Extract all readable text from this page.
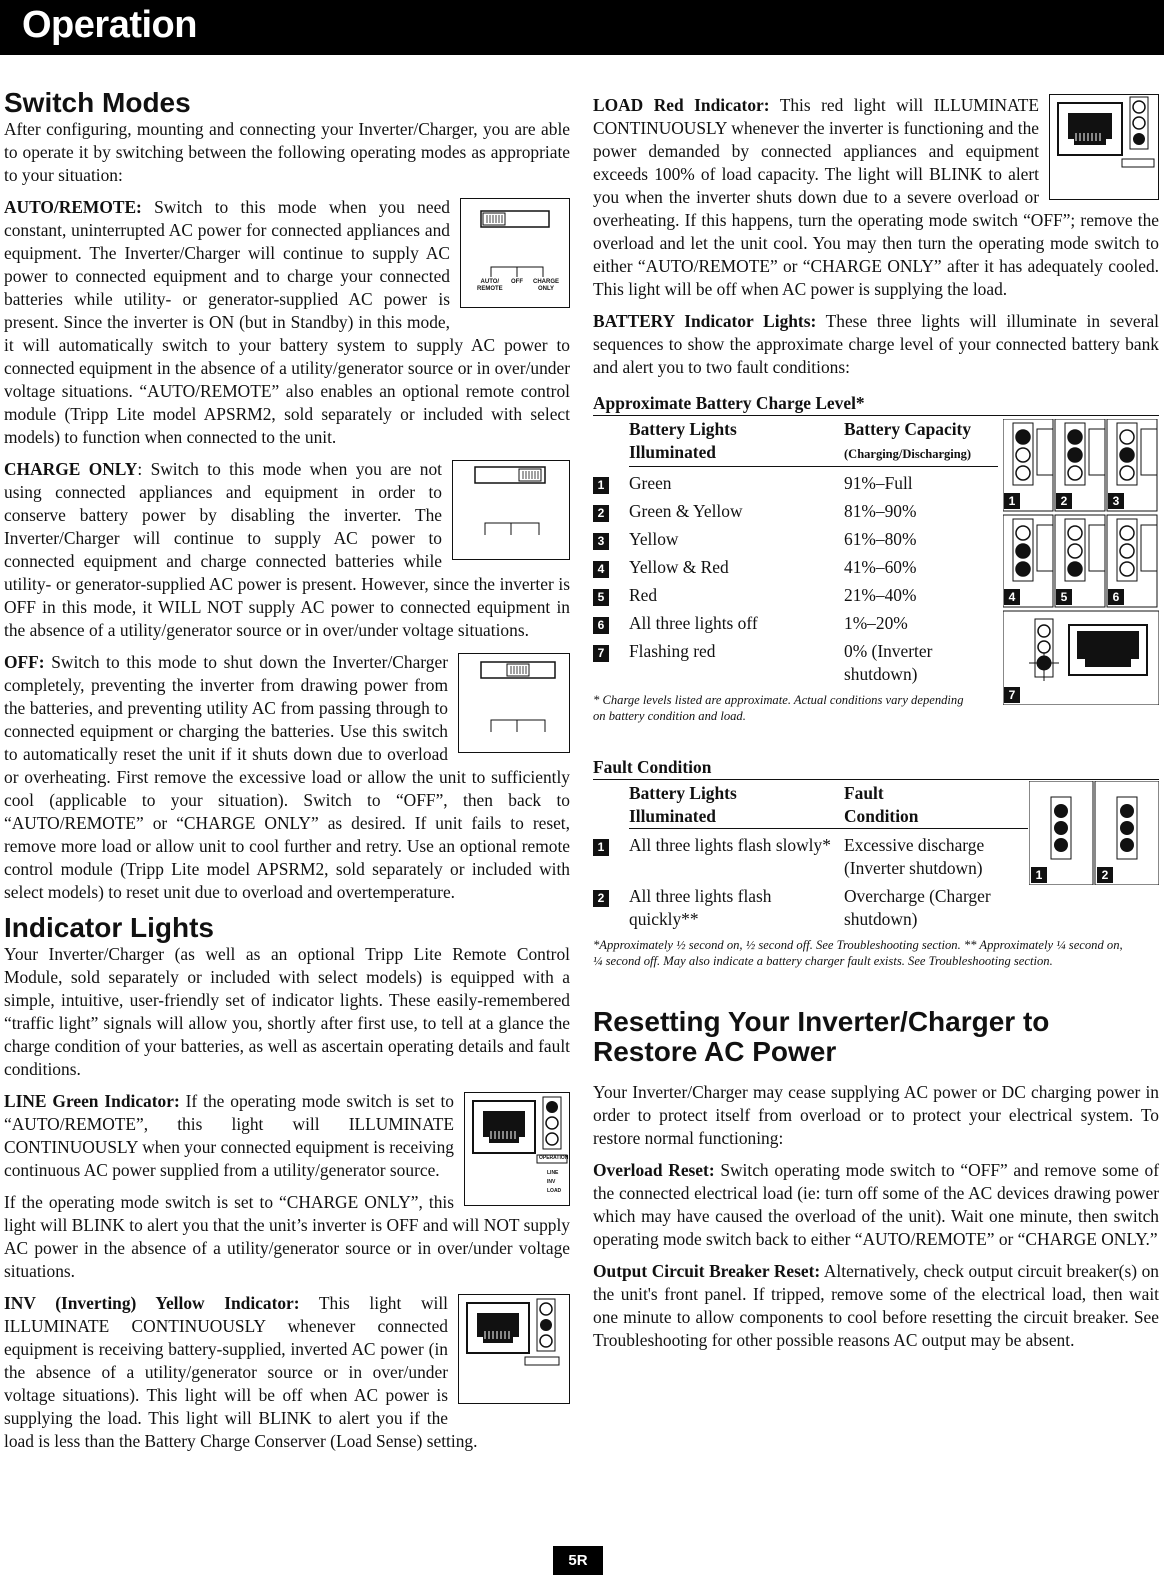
Operation
Switch Modes

After configuring, mounting and connecting your Inverter/Charger, you are able to operate it by switching between the following operating modes as appropriate to your situation:

AUTO/
REMOTE
OFF CHARGE
ONLY

AUTO/REMOTE: Switch to this mode when you need constant, uninterrupted AC power for connected appliances and equipment. The Inverter/Charger will continue to supply AC power to connected equipment and to charge your connected batteries while utility- or generator-supplied AC power is present. Since the inverter is ON (but in Standby) in this mode, it will automatically switch to your battery system to supply AC power to connected equipment in the absence of a utility/generator source or in over/under voltage situations. “AUTO/REMOTE” also enables an optional remote control module (Tripp Lite model APSRM2, sold separately or included with select models) to function when connected to the unit.

CHARGE ONLY: Switch to this mode when you are not using connected appliances and equipment in order to conserve battery power by disabling the inverter. The Inverter/Charger will continue to supply AC power to connected equipment and charge connected batteries while utility- or generator-supplied AC power is present. However, since the inverter is OFF in this mode, it WILL NOT supply AC power to connected equipment in the absence of a utility/generator source or in over/under voltage situations.

OFF: Switch to this mode to shut down the Inverter/Charger completely, preventing the inverter from drawing power from the batteries, and preventing utility AC from passing through to connected equipment or charging the batteries. Use this switch to automatically reset the unit if it shuts down due to overload or overheating. First remove the excessive load or allow the unit to sufficiently cool (applicable to your situation). Switch to “OFF”, then back to “AUTO/REMOTE” or “CHARGE ONLY” as desired. If unit fails to reset, remove more load or allow unit to cool further and retry. Use an optional remote control module (Tripp Lite model APSRM2, sold separately or included with select models) to reset unit due to overload and overtemperature.

Indicator Lights

Your Inverter/Charger (as well as an optional Tripp Lite Remote Control Module, sold separately or included with select models) is equipped with a simple, intuitive, user-friendly set of indicator lights. These easily-remembered “traffic light” signals will allow you, shortly after first use, to tell at a glance the charge condition of your batteries, as well as ascertain operating details and fault conditions.

OPERATION
LINE
INV
LOAD

LINE Green Indicator: If the operating mode switch is set to “AUTO/REMOTE”, this light will ILLUMINATE CONTINUOUSLY when your connected equipment is receiving continuous AC power supplied from a utility/generator source.

If the operating mode switch is set to “CHARGE ONLY”, this light will BLINK to alert you that the unit’s inverter is OFF and will NOT supply AC power in the absence of a utility/generator source or in over/under voltage situations.

INV (Inverting) Yellow Indicator: This light will ILLUMINATE CONTINUOUSLY whenever connected equipment is receiving battery-supplied, inverted AC power (in the absence of a utility/generator source or in over/under voltage situations). This light will be off when AC power is supplying the load. This light will BLINK to alert you if the load is less than the Battery Charge Conserver (Load Sense) setting.

LOAD Red Indicator: This red light will ILLUMINATE CONTINUOUSLY whenever the inverter is functioning and the power demanded by connected appliances and equipment exceeds 100% of load capacity. The light will BLINK to alert you when the inverter shuts down due to a severe overload or overheating. If this happens, turn the operating mode switch “OFF”; remove the overload and let the unit cool. You may then turn the operating mode switch to either “AUTO/REMOTE” or “CHARGE ONLY” after it has adequately cooled. This light will be off when AC power is supplying the load.

BATTERY Indicator Lights: These three lights will illuminate in several sequences to show the approximate charge level of your connected battery bank and alert you to two fault conditions:

Approximate Battery Charge Level*
	Battery Lights
Illuminated	Battery Capacity
(Charging/Discharging)
1	Green	91%–Full
2	Green & Yellow	81%–90%
3	Yellow	61%–80%
4	Yellow & Red	41%–60%
5	Red	21%–40%
6	All three lights off	1%–20%
7	Flashing red	0% (Inverter shutdown)
* Charge levels listed are approximate. Actual conditions vary depending on battery condition and load.
1	2	3
4	5	6
7
Fault Condition
	Battery Lights
Illuminated	Fault
Condition
1	All three lights flash slowly*	Excessive discharge (Inverter shutdown)
2	All three lights flash quickly**	Overcharge (Charger shutdown)
*Approximately ½ second on, ½ second off. See Troubleshooting section. ** Approximately ¼ second on, ¼ second off. May also indicate a battery charger fault exists. See Troubleshooting section.
1	2
Resetting Your Inverter/Charger to Restore AC Power

Your Inverter/Charger may cease supplying AC power or DC charging power in order to protect itself from overload or to protect your electrical system. To restore normal functioning:

Overload Reset: Switch operating mode switch to “OFF” and remove some of the connected electrical load (ie: turn off some of the AC devices drawing power which may have caused the overload of the unit). Wait one minute, then switch operating mode switch back to either “AUTO/REMOTE” or “CHARGE ONLY.”

Output Circuit Breaker Reset: Alternatively, check output circuit breaker(s) on the unit's front panel. If tripped, remove some of the electrical load, then wait one minute to allow components to cool before resetting the circuit breaker. See Troubleshooting for other possible reasons AC output may be absent.

5R
